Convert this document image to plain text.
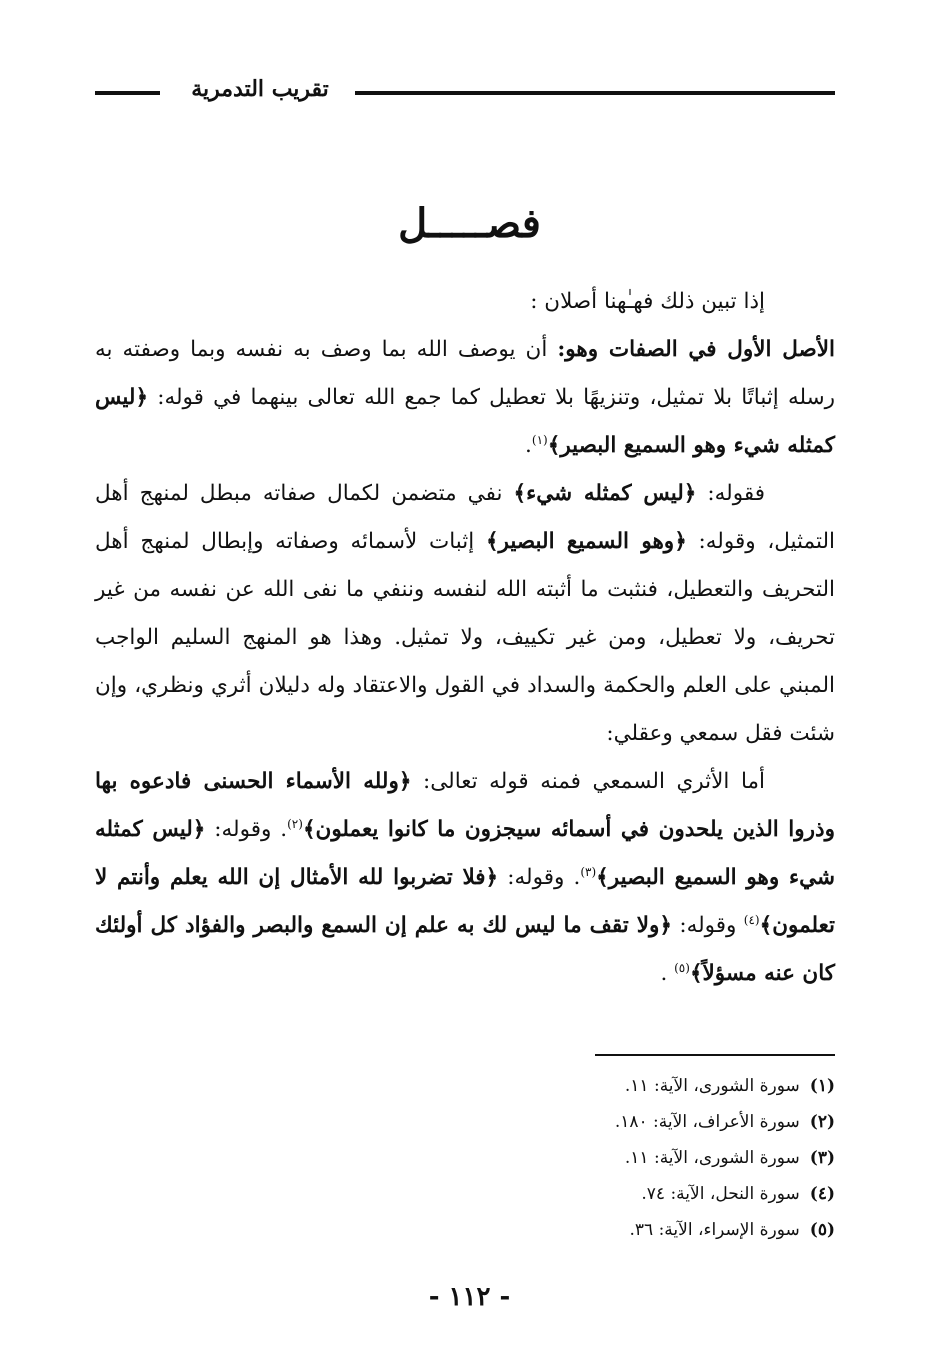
تقريب التدمرية
فصـــــل

إذا تبين ذلك فهـٰهنا أصلان :

الأصل الأول في الصفات وهو: أن يوصف الله بما وصف به نفسه وبما وصفته به رسله إثباتًا بلا تمثيل، وتنزيهًا بلا تعطيل كما جمع الله تعالى بينهما في قوله: ﴿ليس كمثله شيء وهو السميع البصير﴾$^{(١)}$.

فقوله: ﴿ليس كمثله شيء﴾ نفي متضمن لكمال صفاته مبطل لمنهج أهل التمثيل، وقوله: ﴿وهو السميع البصير﴾ إثبات لأسمائه وصفاته وإبطال لمنهج أهل التحريف والتعطيل، فنثبت ما أثبته الله لنفسه وننفي ما نفى الله عن نفسه من غير تحريف، ولا تعطيل، ومن غير تكييف، ولا تمثيل. وهذا هو المنهج السليم الواجب المبني على العلم والحكمة والسداد في القول والاعتقاد وله دليلان أثري ونظري، وإن شئت فقل سمعي وعقلي:

أما الأثري السمعي فمنه قوله تعالى: ﴿ولله الأسماء الحسنى فادعوه بها وذروا الذين يلحدون في أسمائه سيجزون ما كانوا يعملون﴾$^{(٢)}$. وقوله: ﴿ليس كمثله شيء وهو السميع البصير﴾$^{(٣)}$. وقوله: ﴿فلا تضربوا لله الأمثال إن الله يعلم وأنتم لا تعلمون﴾$^{(٤)}$ وقوله: ﴿ولا تقف ما ليس لك به علم إن السمع والبصر والفؤاد كل أولئك كان عنه مسؤلاً﴾$^{(٥)}$ .

(١)سورة الشورى، الآية: ١١.
(٢)سورة الأعراف، الآية: ١٨٠.
(٣)سورة الشورى، الآية: ١١.
(٤)سورة النحل، الآية: ٧٤.
(٥)سورة الإسراء، الآية: ٣٦.
- ١١٢ -
